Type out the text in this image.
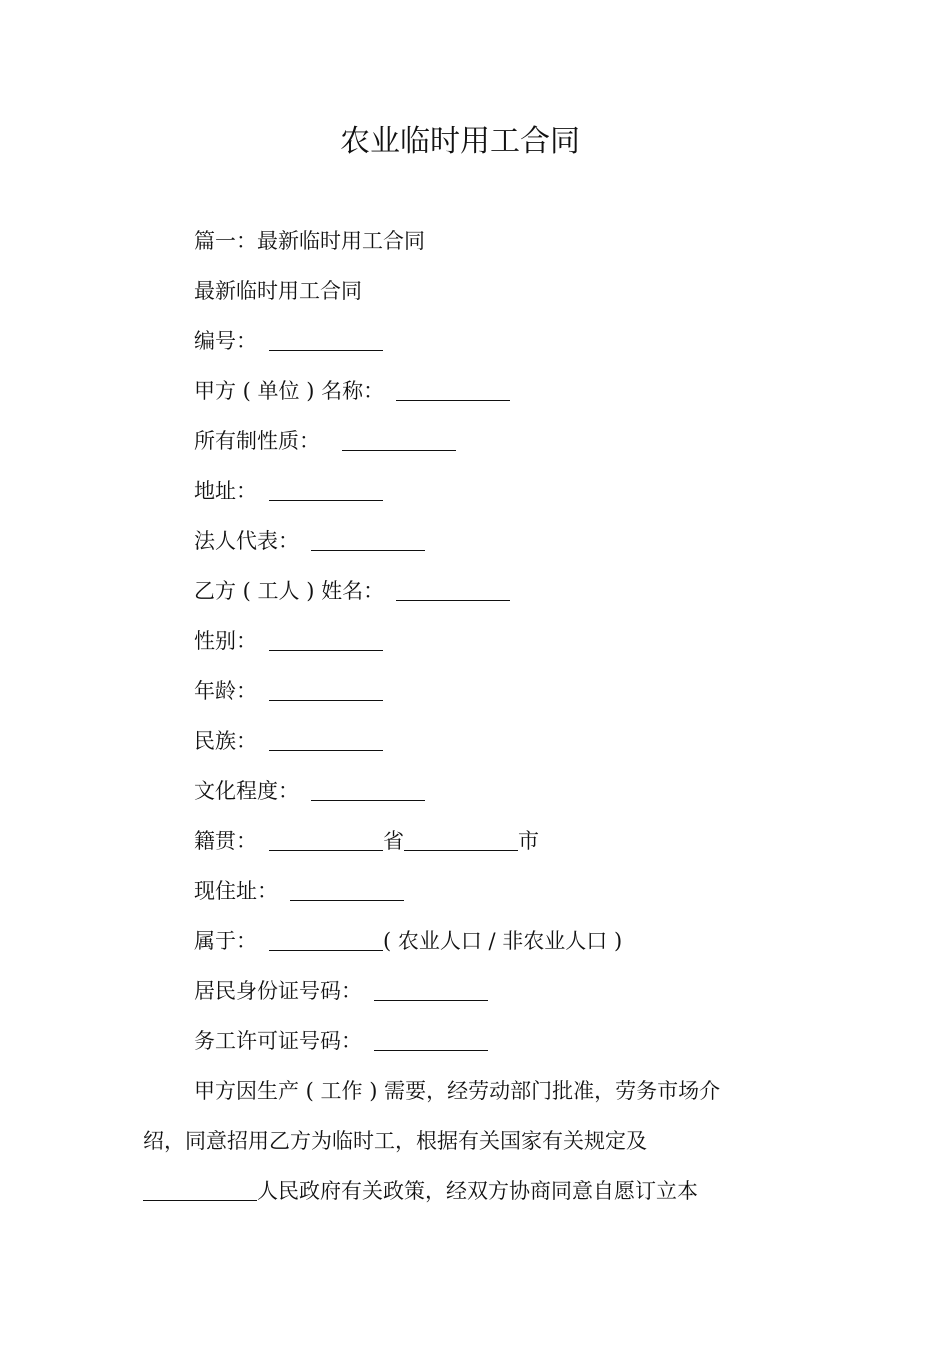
农业临时用工合同
篇一：最新临时用工合同
最新临时用工合同
编号：
甲方 ( 单位 ) 名称：
所有制性质：
地址：
法人代表：
乙方 ( 工人 ) 姓名：
性别：
年龄：
民族：
文化程度：
籍贯：	省	市
现住址：
属于：	( 农业人口 / 非农业人口 )
居民身份证号码：
务工许可证号码：
甲方因生产 ( 工作 ) 需要，经劳动部门批准，劳务市场介
绍，同意招用乙方为临时工，根据有关国家有关规定及
人民政府有关政策，经双方协商同意自愿订立本
